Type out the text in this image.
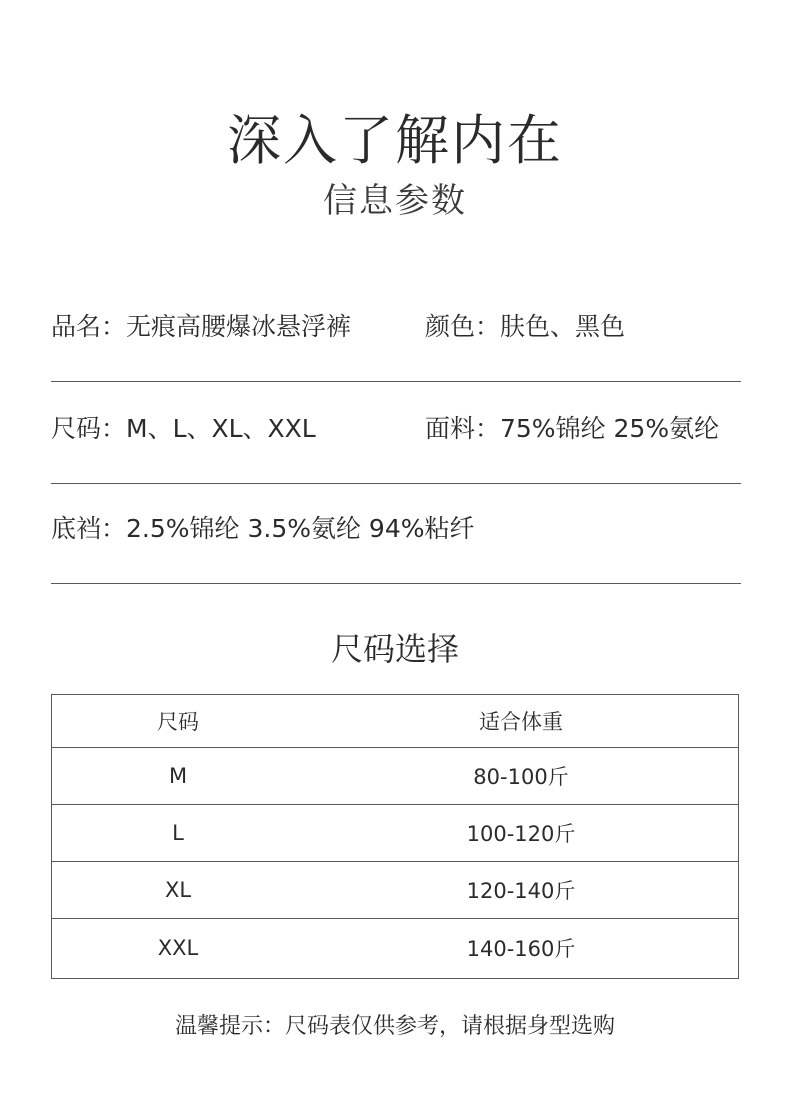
深入了解内在
信息参数
品名：无痕高腰爆冰悬浮裤	颜色：肤色、黑色
尺码：M、L、XL、XXL	面料：75%锦纶 25%氨纶
底裆：2.5%锦纶 3.5%氨纶 94%粘纤
尺码选择
尺码	适合体重
M	80-100斤
L	100-120斤
XL	120-140斤
XXL	140-160斤
温馨提示：尺码表仅供参考，请根据身型选购
